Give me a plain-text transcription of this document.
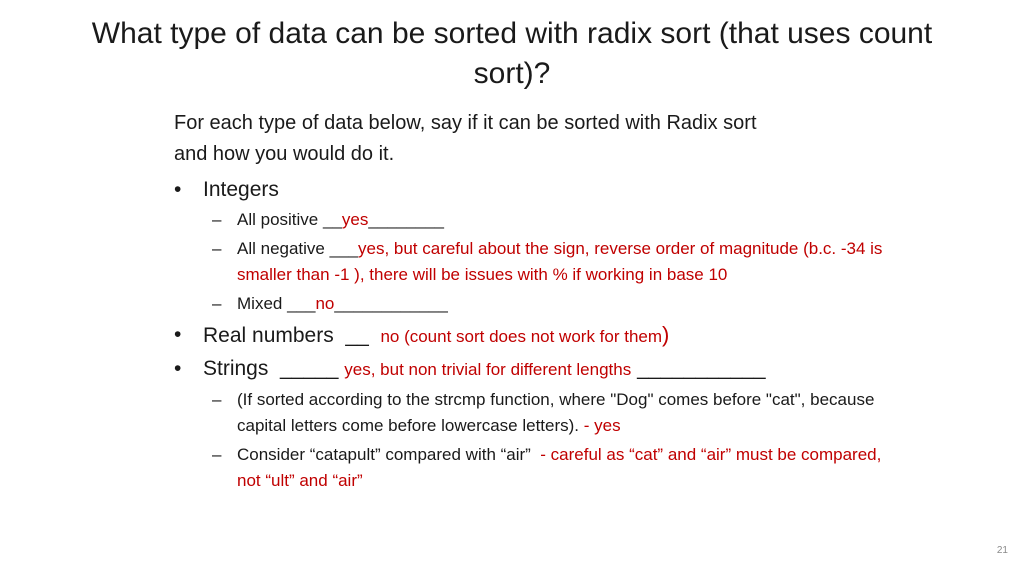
What type of data can be sorted with radix sort (that uses count
sort)?
For each type of data below, say if it can be sorted with Radix sort
and how you would do it.
• Integers
– All positive __yes________
– All negative ___yes, but careful about the sign, reverse order of magnitude (b.c. -34 is smaller than -1 ), there will be issues with % if working in base 10
– Mixed ___no____________
• Real numbers  __  no (count sort does not work for them)
• Strings  _____ yes, but non trivial for different lengths ___________
– (If sorted according to the strcmp function, where "Dog" comes before "cat", because capital letters come before lowercase letters). - yes
– Consider “catapult” compared with “air”  - careful as “cat” and “air” must be compared, not “ult” and “air”
21
